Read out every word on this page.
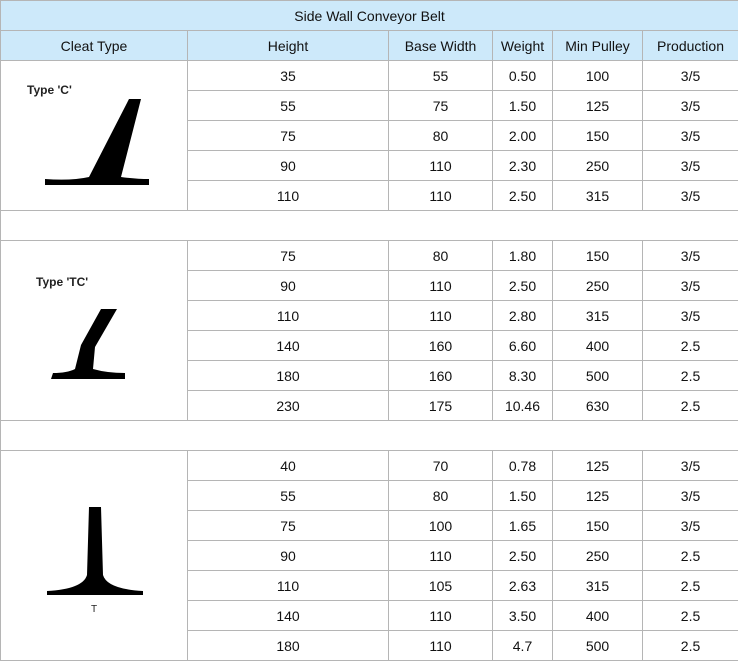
Side Wall Conveyor Belt					
Cleat Type	Height	Base Width	Weight	Min Pulley	Production

Type 'C'	35	55	0.50	100	3/5
	55	75	1.50	125	3/5
	75	80	2.00	150	3/5
	90	110	2.30	250	3/5
	110	110	2.50	315	3/5

Type 'TC'	75	80	1.80	150	3/5
	90	110	2.50	250	3/5
	110	110	2.80	315	3/5
	140	160	6.60	400	2.5
	180	160	8.30	500	2.5
	230	175	10.46	630	2.5

T	40	70	0.78	125	3/5
	55	80	1.50	125	3/5
	75	100	1.65	150	3/5
	90	110	2.50	250	2.5
	110	105	2.63	315	2.5
	140	110	3.50	400	2.5
	180	110	4.7	500	2.5
